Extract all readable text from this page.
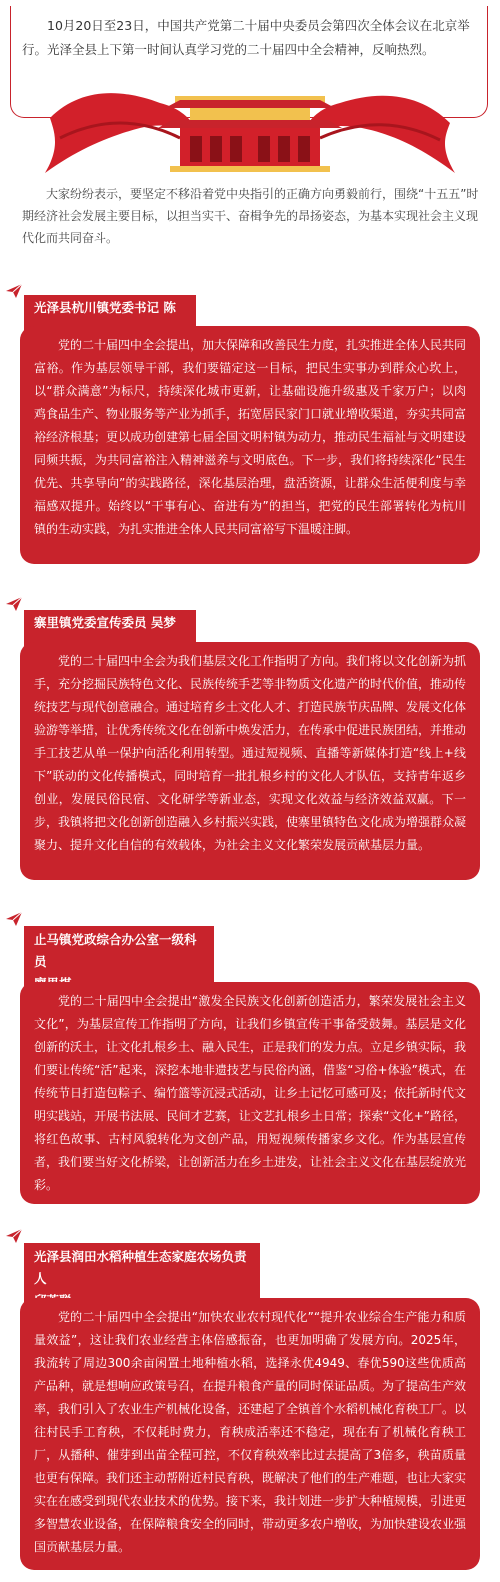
10月20日至23日，中国共产党第二十届中央委员会第四次全体会议在北京举行。光泽全县上下第一时间认真学习党的二十届四中全会精神，反响热烈。

大家纷纷表示，要坚定不移沿着党中央指引的正确方向勇毅前行，围绕“十五五”时期经济社会发展主要目标，以担当实干、奋楫争先的昂扬姿态，为基本实现社会主义现代化而共同奋斗。

光泽县杭川镇党委书记 陈

党的二十届四中全会提出，加大保障和改善民生力度，扎实推进全体人民共同富裕。作为基层领导干部，我们要锚定这一目标，把民生实事办到群众心坎上，以“群众满意”为标尺，持续深化城市更新，让基础设施升级惠及千家万户；以肉鸡食品生产、物业服务等产业为抓手，拓宽居民家门口就业增收渠道，夯实共同富裕经济根基；更以成功创建第七届全国文明村镇为动力，推动民生福祉与文明建设同频共振，为共同富裕注入精神滋养与文明底色。下一步，我们将持续深化“民生优先、共享导向”的实践路径，深化基层治理，盘活资源，让群众生活便利度与幸福感双提升。始终以“干事有心、奋进有为”的担当，把党的民生部署转化为杭川镇的生动实践，为扎实推进全体人民共同富裕写下温暖注脚。

寨里镇党委宣传委员 吴梦

党的二十届四中全会为我们基层文化工作指明了方向。我们将以文化创新为抓手，充分挖掘民族特色文化、民族传统手艺等非物质文化遗产的时代价值，推动传统技艺与现代创意融合。通过培育乡土文化人才、打造民族节庆品牌、发展文化体验游等举措，让优秀传统文化在创新中焕发活力，在传承中促进民族团结，并推动手工技艺从单一保护向活化利用转型。通过短视频、直播等新媒体打造“线上+线下”联动的文化传播模式，同时培育一批扎根乡村的文化人才队伍，支持青年返乡创业，发展民俗民宿、文化研学等新业态，实现文化效益与经济效益双赢。下一步，我镇将把文化创新创造融入乡村振兴实践，使寨里镇特色文化成为增强群众凝聚力、提升文化自信的有效载体，为社会主义文化繁荣发展贡献基层力量。

止马镇党政综合办公室一级科员

党的二十届四中全会提出“激发全民族文化创新创造活力，繁荣发展社会主义文化”，为基层宣传工作指明了方向，让我们乡镇宣传干事备受鼓舞。基层是文化创新的沃土，让文化扎根乡土、融入民生，正是我们的发力点。立足乡镇实际，我们要让传统“活”起来，深挖本地非遗技艺与民俗内涵，借鉴“习俗+体验”模式，在传统节日打造包粽子、编竹篮等沉浸式活动，让乡土记忆可感可及；依托新时代文明实践站，开展书法展、民间才艺赛，让文艺扎根乡土日常；探索“文化+”路径，将红色故事、古村风貌转化为文创产品，用短视频传播家乡文化。作为基层宣传者，我们要当好文化桥梁，让创新活力在乡土进发，让社会主义文化在基层绽放光彩。

光泽县润田水稻种植生态家庭农场负责人

党的二十届四中全会提出“加快农业农村现代化”“提升农业综合生产能力和质量效益”，这让我们农业经营主体倍感振奋，也更加明确了发展方向。2025年，我流转了周边300余亩闲置土地种植水稻，选择永优4949、春优590这些优质高产品种，就是想响应政策号召，在提升粮食产量的同时保证品质。为了提高生产效率，我们引入了农业生产机械化设备，还建起了全镇首个水稻机械化育秧工厂。以往村民手工育秧，不仅耗时费力，育秧成活率还不稳定，现在有了机械化育秧工厂，从播种、催芽到出苗全程可控，不仅育秧效率比过去提高了3倍多，秧苗质量也更有保障。我们还主动帮附近村民育秧，既解决了他们的生产难题，也让大家实实在在感受到现代农业技术的优势。接下来，我计划进一步扩大种植规模，引进更多智慧农业设备，在保障粮食安全的同时，带动更多农户增收，为加快建设农业强国贡献基层力量。
